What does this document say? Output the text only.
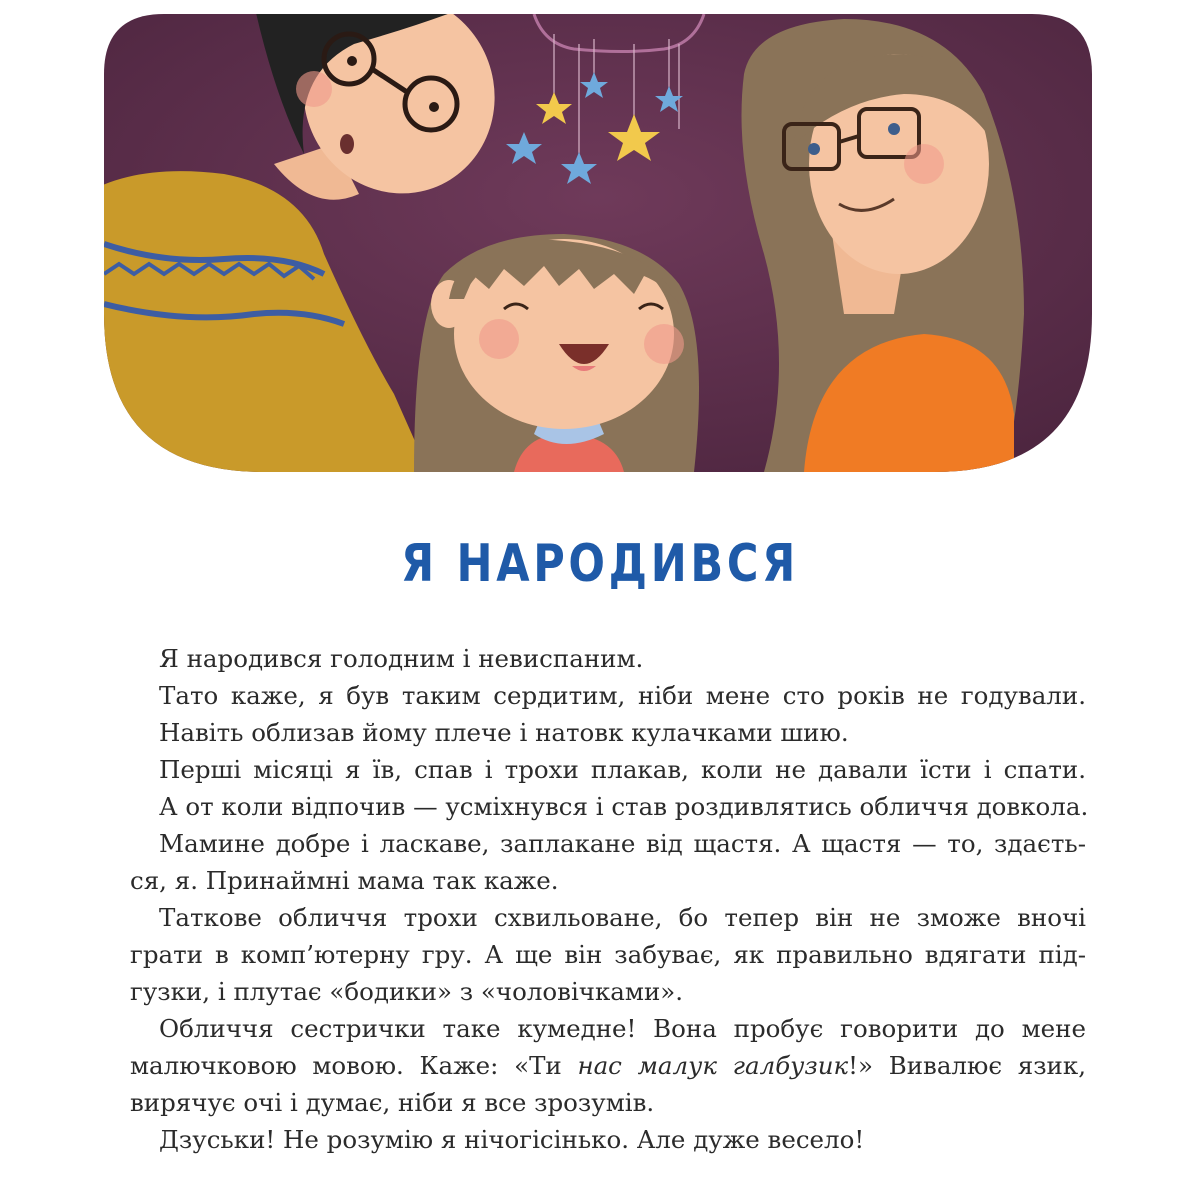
Я НАРОДИВСЯ
Я народився голодним і невиспаним.
Тато каже, я був таким сердитим, ніби мене сто років не годували.
Навіть облизав йому плече і натовк кулачками шию.
Перші місяці я їв, спав і трохи плакав, коли не давали їсти і спати.
А от коли відпочив — усміхнувся і став роздивлятись обличчя довкола.
Мамине добре і ласкаве, заплакане від щастя. А щастя — то, здаєть-
ся, я. Принаймні мама так каже.
Таткове обличчя трохи схвильоване, бо тепер він не зможе вночі
грати в комп’ютерну гру. А ще він забуває, як правильно вдягати під-
гузки, і плутає «бодики» з «чоловічками».
Обличчя сестрички таке кумедне! Вона пробує говорити до мене
малючковою мовою. Каже: «Ти нас малук галбузик!» Вивалює язик,
вирячує очі і думає, ніби я все зрозумів.
Дзуськи! Не розумію я нічогісінько. Але дуже весело!
